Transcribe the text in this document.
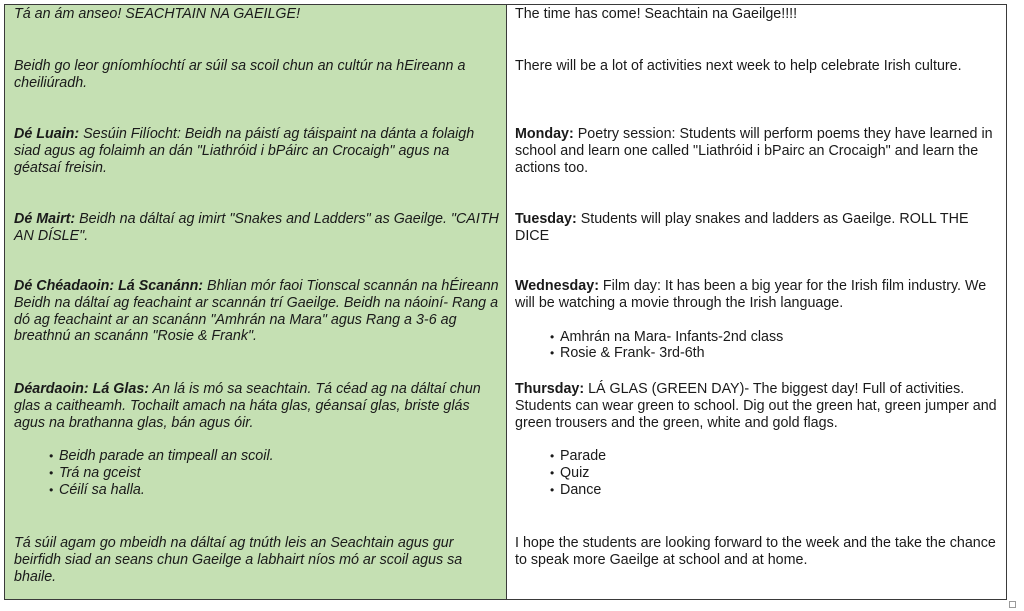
Tá an ám anseo! SEACHTAIN NA GAEILGE!

Beidh go leor gníomhíochtí ar súil sa scoil chun an cultúr na hEireann a cheiliúradh.

Dé Luain: Sesúin Filíocht: Beidh na páistí ag táispaint na dánta a folaigh siad agus ag folaimh an dán "Liathróid i bPáirc an Crocaigh" agus na géatsaí freisin.

Dé Mairt: Beidh na dáltaí ag imirt "Snakes and Ladders" as Gaeilge. "CAITH AN DÍSLE".

Dé Chéadaoin: Lá Scanánn: Bhlian mór faoi Tionscal scannán na hÉireann Beidh na dáltaí ag feachaint ar scannán trí Gaeilge. Beidh na náoiní- Rang a dó ag feachaint ar an scanánn "Amhrán na Mara" agus Rang a 3-6 ag breathnú an scanánn "Rosie & Frank".

Déardaoin: Lá Glas: An lá is mó sa seachtain. Tá céad ag na dáltaí chun glas a caitheamh. Tochailt amach na háta glas, géansaí glas, briste glás agus na brathanna glas, bán agus óir.

• Beidh parade an timpeall an scoil.
• Trá na gceist
• Céilí sa halla.

Tá súil agam go mbeidh na dáltaí ag tnúth leis an Seachtain agus gur beirfidh siad an seans chun Gaeilge a labhairt níos mó ar scoil agus sa bhaile.

The time has come! Seachtain na Gaeilge!!!!

There will be a lot of activities next week to help celebrate Irish culture.

Monday: Poetry session: Students will perform poems they have learned in school and learn one called "Liathróid i bPairc an Crocaigh" and learn the actions too.

Tuesday: Students will play snakes and ladders as Gaeilge. ROLL THE DICE

Wednesday: Film day: It has been a big year for the Irish film industry. We will be watching a movie through the Irish language.

• Amhrán na Mara- Infants-2nd class
• Rosie & Frank- 3rd-6th

Thursday: LÁ GLAS (GREEN DAY)- The biggest day! Full of activities. Students can wear green to school. Dig out the green hat, green jumper and green trousers and the green, white and gold flags.

• Parade
• Quiz
• Dance

I hope the students are looking forward to the week and the take the chance to speak more Gaeilge at school and at home.
